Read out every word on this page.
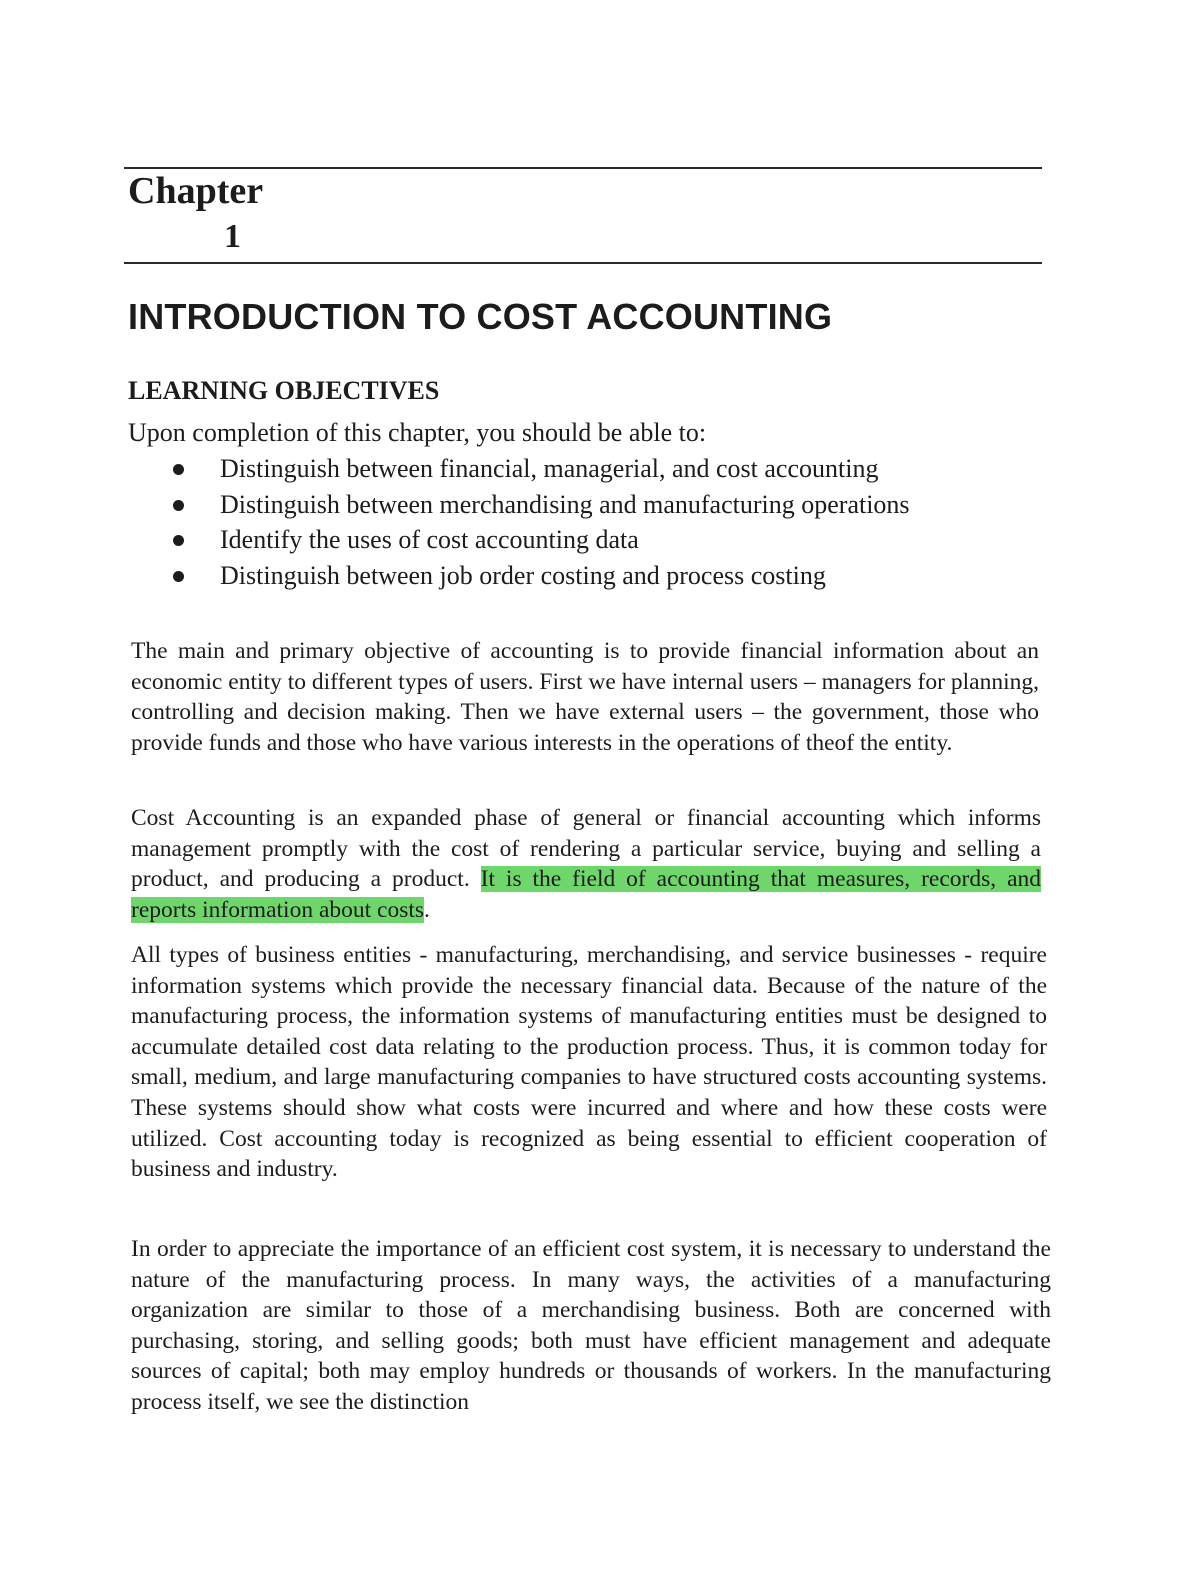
Chapter
1
INTRODUCTION TO COST ACCOUNTING
LEARNING OBJECTIVES
Upon completion of this chapter, you should be able to:
Distinguish between financial, managerial, and cost accounting
Distinguish between merchandising and manufacturing operations
Identify the uses of cost accounting data
Distinguish between job order costing and process costing

The main and primary objective of accounting is to provide financial information about an economic entity to different types of users. First we have internal users – managers for planning, controlling and decision making. Then we have external users – the government, those who provide funds and those who have various interests in the operations of theof the entity.

Cost Accounting is an expanded phase of general or financial accounting which informs management promptly with the cost of rendering a particular service, buying and selling a product, and producing a product. It is the field of accounting that measures, records, and reports information about costs.

All types of business entities - manufacturing, merchandising, and service businesses - require information systems which provide the necessary financial data. Because of the nature of the manufacturing process, the information systems of manufacturing entities must be designed to accumulate detailed cost data relating to the production process. Thus, it is common today for small, medium, and large manufacturing companies to have structured costs accounting systems. These systems should show what costs were incurred and where and how these costs were utilized. Cost accounting today is recognized as being essential to efficient cooperation of business and industry.

In order to appreciate the importance of an efficient cost system, it is necessary to understand the nature of the manufacturing process. In many ways, the activities of a manufacturing organization are similar to those of a merchandising business. Both are concerned with purchasing, storing, and selling goods; both must have efficient management and adequate sources of capital; both may employ hundreds or thousands of workers. In the manufacturing process itself, we see the distinction
